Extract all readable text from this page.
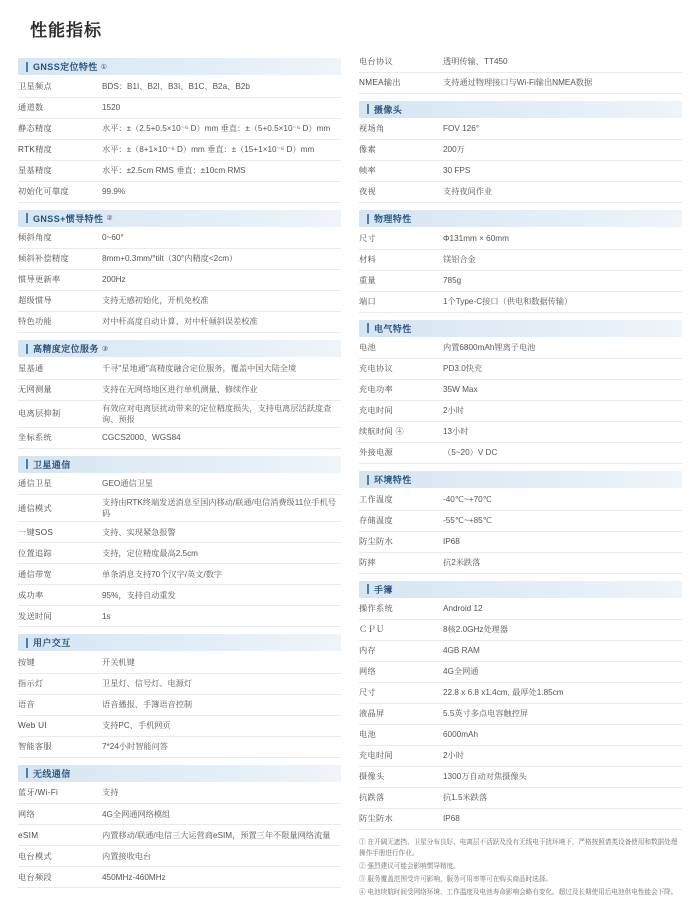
性能指标
GNSS定位特性 ①
卫星频点	BDS：B1I、B2I、B3I、B1C、B2a、B2b
通道数	1520
静态精度	水平：±（2.5+0.5×10⁻⁶ D）mm 垂直：±（5+0.5×10⁻⁶ D）mm
RTK精度	水平：±（8+1×10⁻⁶ D）mm 垂直：±（15+1×10⁻⁶ D）mm
星基精度	水平：±2.5cm RMS 垂直：±10cm RMS
初始化可靠度	99.9%
GNSS+惯导特性 ②
倾斜角度	0~60°
倾斜补偿精度	8mm+0.3mm/°tilt（30°内精度<2cm）
惯导更新率	200Hz
超级惯导	支持无感初始化，开机免校准
特色功能	对中杆高度自动计算、对中杆倾斜误差校准
高精度定位服务 ③
星基通	千寻"星地通"高精度融合定位服务，覆盖中国大陆全境
无网测量	支持在无网络地区进行单机测量、修续作业
电离层抑制	有效应对电离层扰动带来的定位精度损失，支持电离层活跃度查询、预报
坐标系统	CGCS2000、WGS84
卫星通信
通信卫星	GEO通信卫星
通信模式	支持由RTK终端发送消息至国内移动/联通/电信消费级11位手机号码
一键SOS	支持、实现紧急报警
位置追踪	支持，定位精度最高2.5cm
通信带宽	单条消息支持70个汉字/英文/数字
成功率	95%，支持自动重发
发送时间	1s
用户交互
按键	开关机键
指示灯	卫星灯、信号灯、电源灯
语音	语音播报、手簿语音控制
Web UI	支持PC、手机网页
智能客服	7*24小时智能问答
无线通信
蓝牙/Wi-Fi	支持
网络	4G全网通网络模组
eSIM	内置移动/联通/电信三大运营商eSIM，预置三年不限量网络流量
电台模式	内置接收电台
电台频段	450MHz-460MHz
电台协议	透明传输、TT450
NMEA输出	支持通过物理接口与Wi-Fi输出NMEA数据
摄像头
视场角	FOV 126°
像素	200万
帧率	30 FPS
夜视	支持夜间作业
物理特性
尺寸	Φ131mm × 60mm
材料	镁铝合金
重量	785g
端口	1个Type-C接口（供电和数据传输）
电气特性
电池	内置6800mAh锂离子电池
充电协议	PD3.0快充
充电功率	35W Max
充电时间	2小时
续航时间 ④	13小时
外接电源	（5~20）V DC
环境特性
工作温度	-40℃~+70℃
存储温度	-55℃~+85℃
防尘防水	IP68
防摔	抗2米跌落
手簿
操作系统	Android 12
ＣＰＵ	8核2.0GHz处理器
内存	4GB RAM
网络	4G全网通
尺寸	22.8 x 6.8 x1.4cm, 最厚处1.85cm
液晶屏	5.5英寸多点电容触控屏
电池	6000mAh
充电时间	2小时
摄像头	1300万自动对焦摄像头
抗跌落	抗1.5米跌落
防尘防水	IP68
① 在开阔无遮挡、卫星分布良好、电离层不活跃及没有无线电干扰环境下，严格按照请类设备使用和数据处理操作手册进行作业。
② 强烈建议可能会影响惯导精度。
③ 服务覆盖范围受许可影响，服务可用率等可在购买商品时选择。
④ 电池续航时间受网络环境、工作温度及电池寿命影响会略有变化。超过及长期使用后电池供电性能会下降。
